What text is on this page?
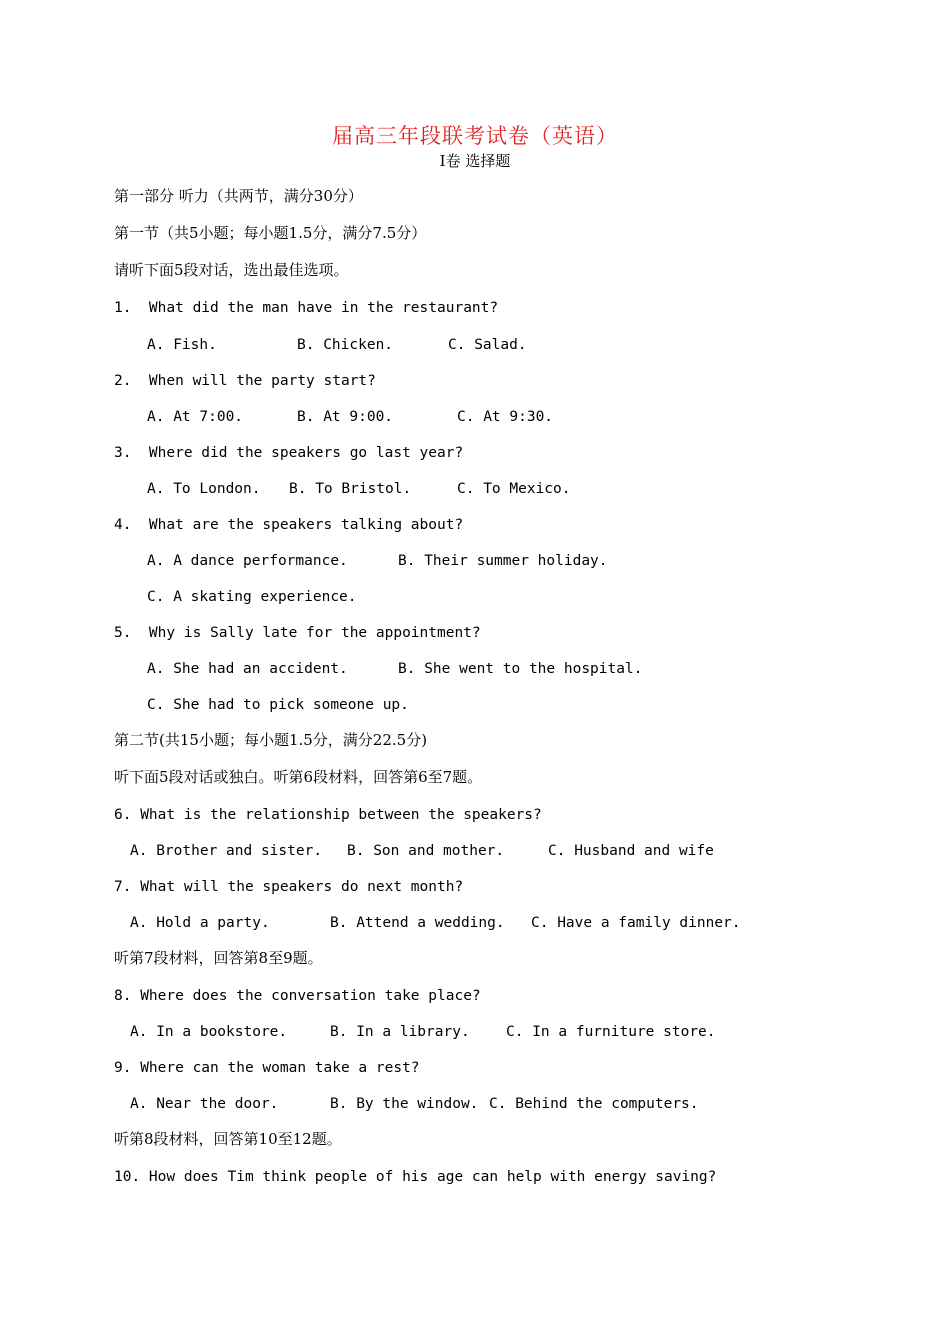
届高三年段联考试卷（英语）
I卷 选择题
第一部分 听力（共两节，满分30分）
第一节（共5小题；每小题1.5分，满分7.5分）
请听下面5段对话，选出最佳选项。
1.  What did the man have in the restaurant?
A. Fish.	B. Chicken.	C. Salad.
2.  When will the party start?
A. At 7:00.	B. At 9:00.	C. At 9:30.
3.  Where did the speakers go last year?
A. To London. B. To Bristol.	C. To Mexico.
4.  What are the speakers talking about?
A. A dance performance.	B. Their summer holiday.
C. A skating experience.
5.  Why is Sally late for the appointment?
A. She had an accident.	B. She went to the hospital.
C. She had to pick someone up.
第二节(共15小题；每小题1.5分，满分22.5分)
听下面5段对话或独白。听第6段材料，回答第6至7题。
6. What is the relationship between the speakers?
A. Brother and sister. B. Son and mother.	C. Husband and wife
7. What will the speakers do next month?
A. Hold a party.	B. Attend a wedding. C. Have a family dinner.
听第7段材料，回答第8至9题。
8. Where does the conversation take place?
A. In a bookstore.	B. In a library.	C. In a furniture store.
9. Where can the woman take a rest?
A. Near the door.	B. By the window. C. Behind the computers.
听第8段材料，回答第10至12题。
10. How does Tim think people of his age can help with energy saving?
